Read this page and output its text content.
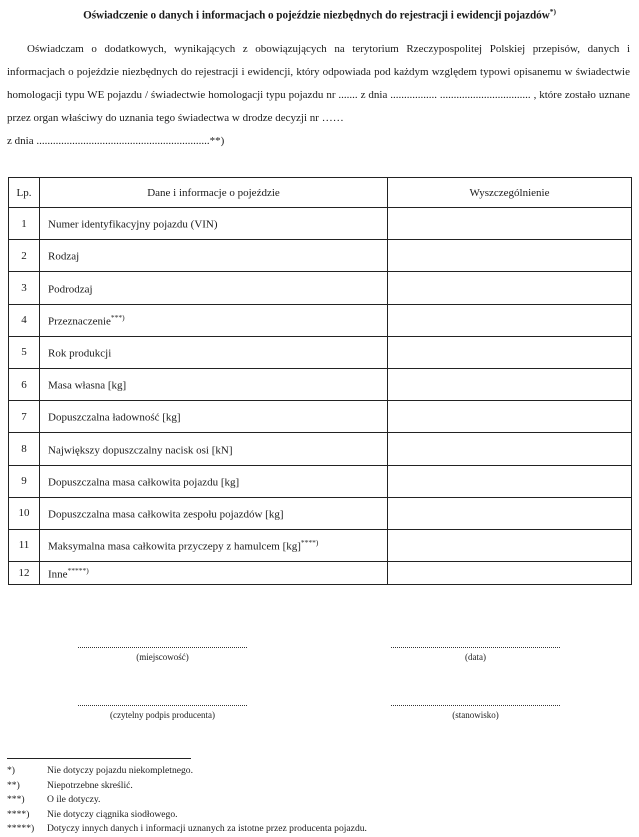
Oświadczenie o danych i informacjach o pojeździe niezbędnych do rejestracji i ewidencji pojazdów*)

Oświadczam o dodatkowych, wynikających z obowiązujących na terytorium Rzeczypospolitej Polskiej przepisów, danych i informacjach o pojeździe niezbędnych do rejestracji i ewidencji, który odpowiada pod każdym względem typowi opisanemu w świadectwie homologacji typu WE pojazdu / świadectwie homologacji typu pojazdu nr ....... z dnia ................. ................................. , które zostało uznane przez organ właściwy do uznania tego świadectwa w drodze decyzji nr ……
z dnia ...............................................................**)

Lp.	Dane i informacje o pojeździe	Wyszczególnienie
1	Numer identyfikacyjny pojazdu (VIN)	
2	Rodzaj	
3	Podrodzaj	
4	Przeznaczenie***)	
5	Rok produkcji	
6	Masa własna [kg]	
7	Dopuszczalna ładowność [kg]	
8	Największy dopuszczalny nacisk osi [kN]	
9	Dopuszczalna masa całkowita pojazdu [kg]	
10	Dopuszczalna masa całkowita zespołu pojazdów [kg]	
11	Maksymalna masa całkowita przyczepy z hamulcem [kg]****)	
12	Inne*****)	
(miejscowość)	(data)
(czytelny podpis producenta)	(stanowisko)
*)	Nie dotyczy pojazdu niekompletnego.
**)	Niepotrzebne skreślić.
***)	O ile dotyczy.
****)	Nie dotyczy ciągnika siodłowego.
*****)	Dotyczy innych danych i informacji uznanych za istotne przez producenta pojazdu.
